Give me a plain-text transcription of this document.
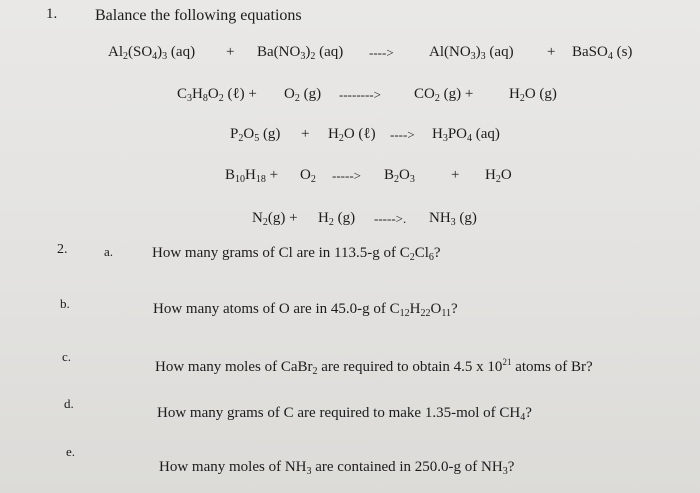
1. Balance the following equations
$Al_2(SO_4)_3$ $(aq) + Ba(NO_3)_2$ (aq) ----> $Al(NO_3)_3$ (aq) + BaSO$_4$ (s)
$C_3H_8O_2$ (ℓ) + $O_2$ (g) --------> $CO_2$ $(g) + H_2O$ (g)
$P_2O_5$ $(g) + H_2O$ (ℓ) ----> $H_3PO_4$ (aq)
$B_{10}H_{18} + O_2$ -----> $B_2O_3 + H_2O$
$N_2(g) + H_2$ (g) ----->. $NH_3$ (g)
2.	a.	How many grams of Cl are in 113.5-g of $C_2Cl_6$?
b.	How many atoms of O are in 45.0-g of $C_{12}H_{22}O_{11}$?
c.
How many moles of CaBr$_2$ are required to obtain 4.5 x $10^{21}$ atoms of Br?
d.
How many grams of C are required to make 1.35-mol of $CH_4$?
e.
How many moles of $NH_3$ are contained in 250.0-g of $NH_3$?
